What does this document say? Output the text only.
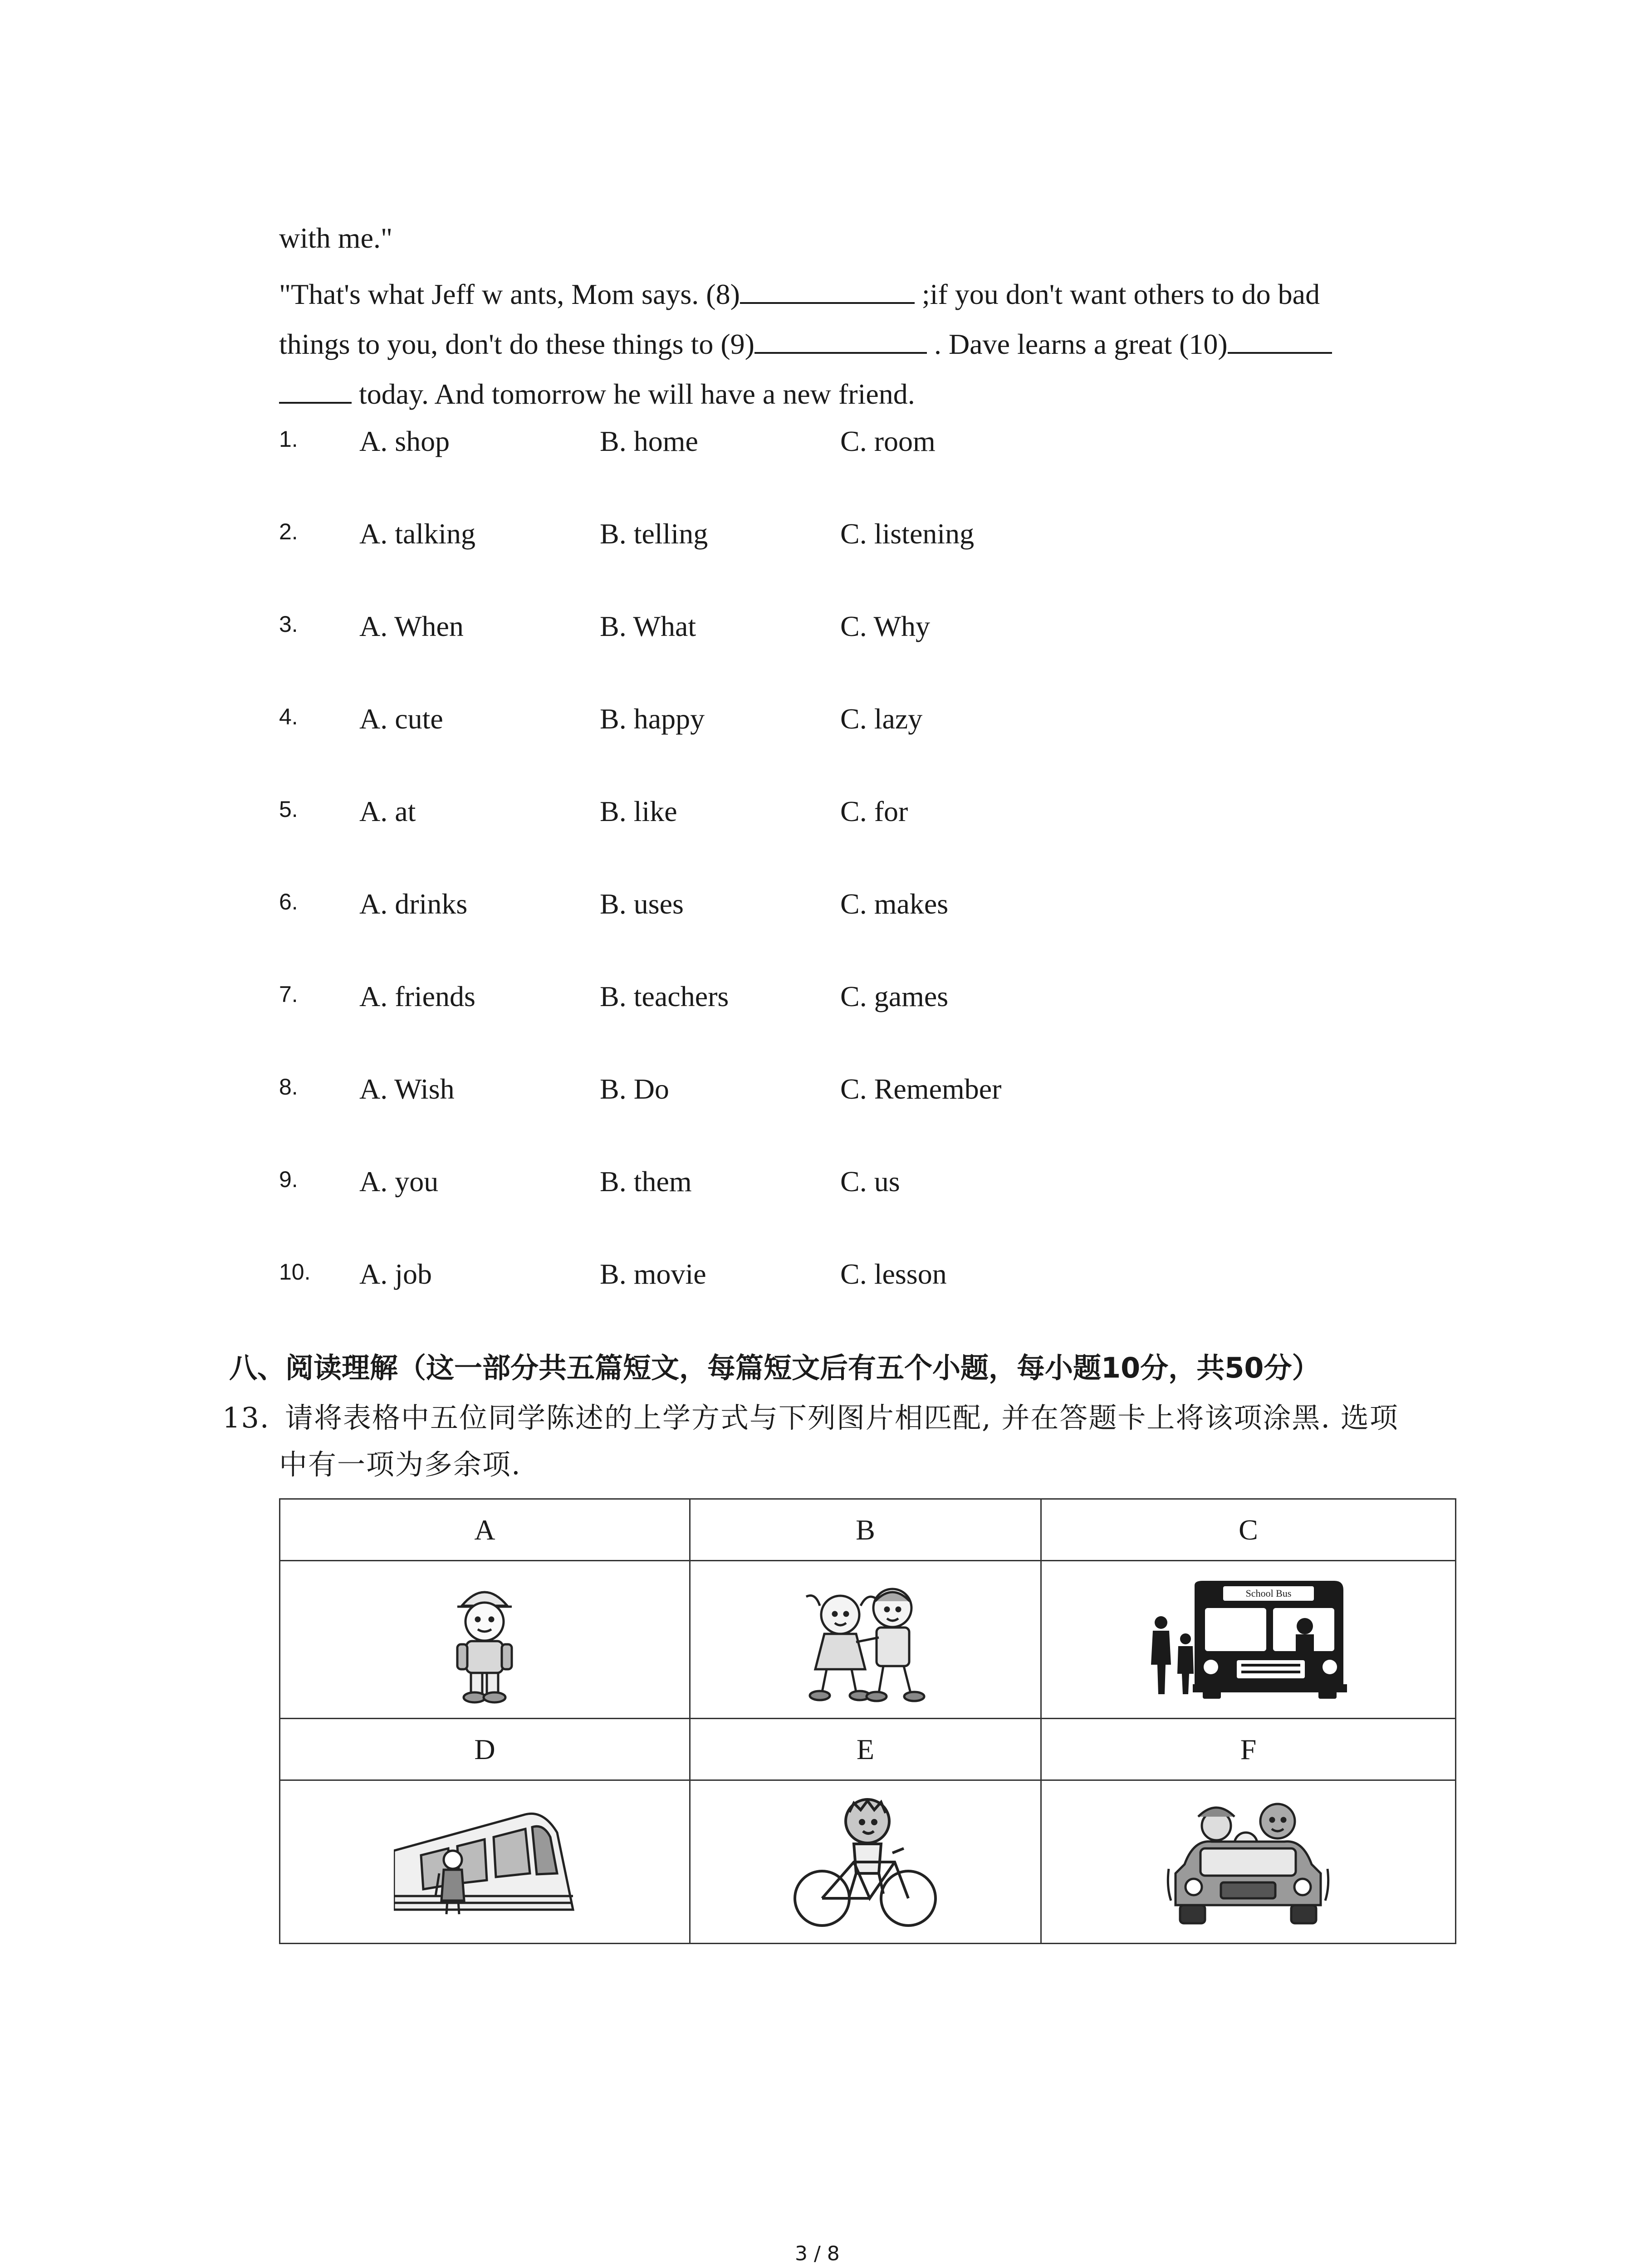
with me."
"That's what Jeff w ants, Mom says. (8)	;if you don't want others to do bad
things to you, don't do these things to (9)	. Dave learns a great (10)
today. And tomorrow he will have a new friend.
1. A. shop	B. home	C. room
2. A. talking	B. telling	C. listening
3. A. When	B. What	C. Why
4. A. cute	B. happy	C. lazy
5. A. at	B. like	C. for
6. A. drinks	B. uses	C. makes
7. A. friends	B. teachers	C. games
8. A. Wish	B. Do	C. Remember
9. A. you	B. them	C. us
10. A. job	B. movie	C. lesson
八、阅读理解（这一部分共五篇短文，每篇短文后有五个小题，每小题10分，共50分）
13. 请将表格中五位同学陈述的上学方式与下列图片相匹配, 并在答题卡上将该项涂黑. 选项
中有一项为多余项.
A	B	C

School Bus

D	E	F

3 / 8
